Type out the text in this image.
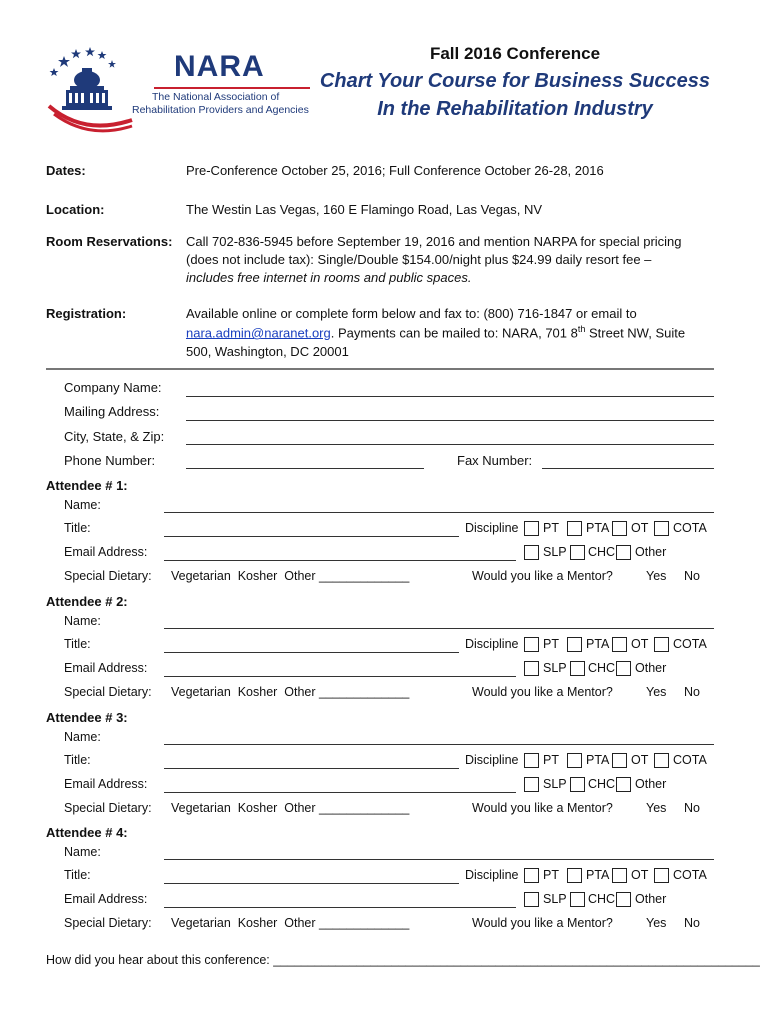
NARA
The National Association of
Rehabilitation Providers and Agencies
Fall 2016 Conference
Chart Your Course for Business Success
In the Rehabilitation Industry
Dates:	Pre-Conference October 25, 2016; Full Conference October 26-28, 2016
Location:	The Westin Las Vegas, 160 E Flamingo Road, Las Vegas, NV
Room Reservations: Call 702-836-5945 before September 19, 2016 and mention NARPA for special pricing
(does not include tax): Single/Double $154.00/night plus $24.99 daily resort fee –
includes free internet in rooms and public spaces.
Registration:	Available online or complete form below and fax to: (800) 716-1847 or email to
nara.admin@naranet.org. Payments can be mailed to: NARA, 701 8th Street NW, Suite
500, Washington, DC 20001
Company Name:
Mailing Address:
City, State, & Zip:
Phone Number:	Fax Number:
Attendee # 1:
Name:
Title:	Discipline PT PTA OT COTA
Email Address:	SLP CHC Other
Special Dietary: Vegetarian  Kosher  Other _____________	Would you like a Mentor?	Yes No
Attendee # 2:
Name:
Title:	Discipline PT PTA OT COTA
Email Address:	SLP CHC Other
Special Dietary: Vegetarian  Kosher  Other _____________	Would you like a Mentor?	Yes No
Attendee # 3:
Name:
Title:	Discipline PT PTA OT COTA
Email Address:	SLP CHC Other
Special Dietary: Vegetarian  Kosher  Other _____________	Would you like a Mentor?	Yes No
Attendee # 4:
Name:
Title:	Discipline PT PTA OT COTA
Email Address:	SLP CHC Other
Special Dietary: Vegetarian  Kosher  Other _____________	Would you like a Mentor?	Yes No
How did you hear about this conference: ______________________________________________________________________
